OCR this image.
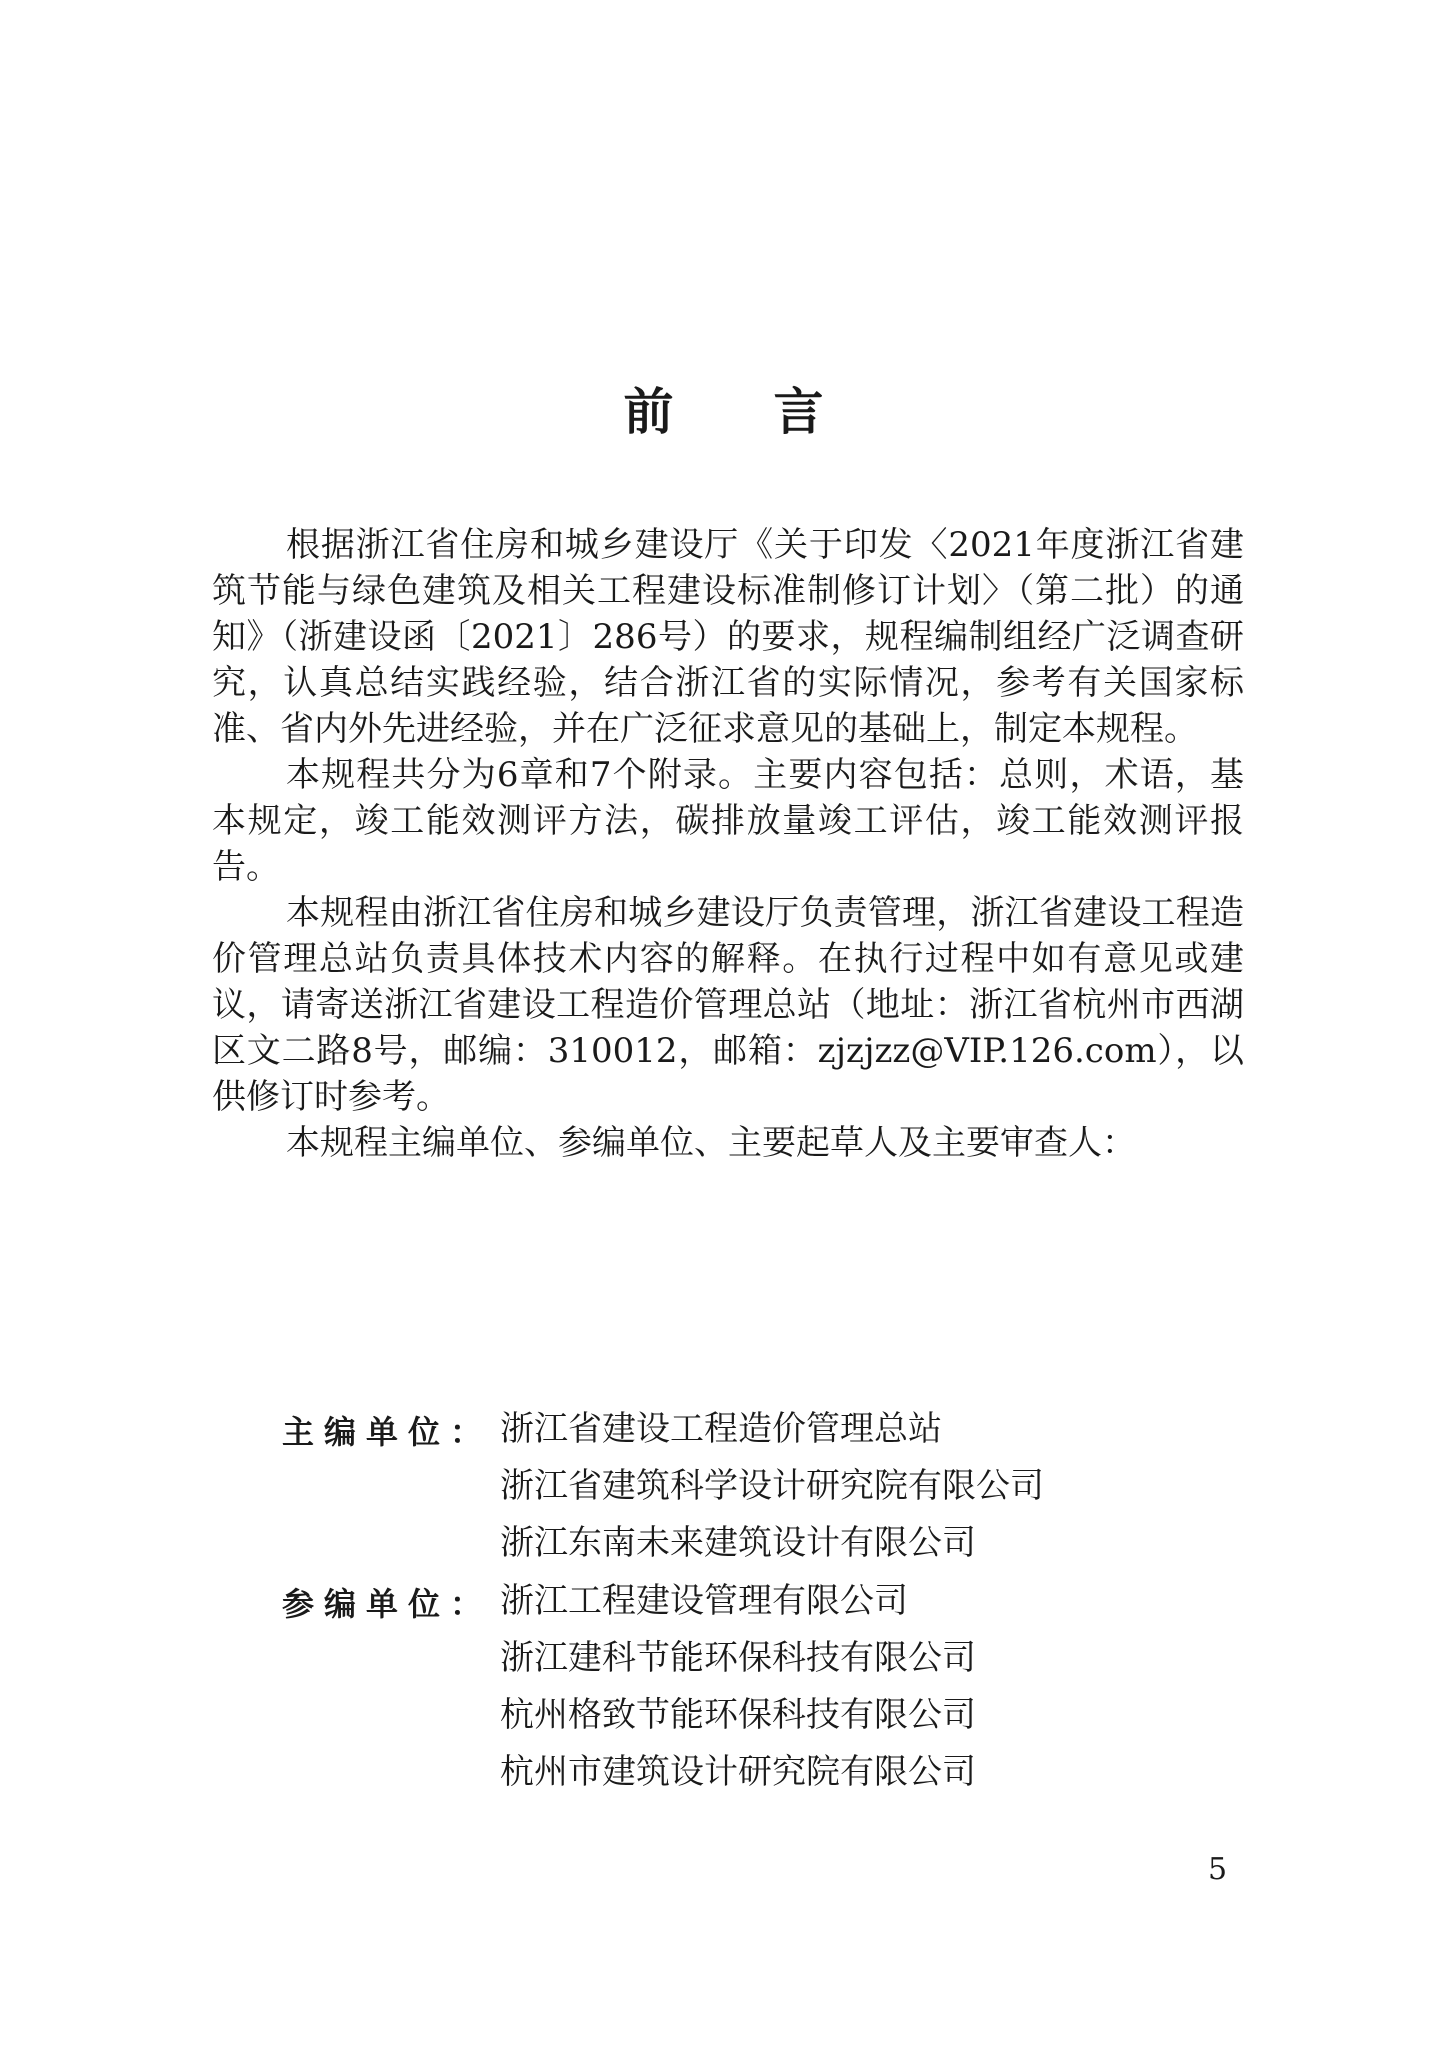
前 言

根据浙江省住房和城乡建设厅《关于印发〈2021年度浙江省建筑节能与绿色建筑及相关工程建设标准制修订计划〉（第二批）的通知》（浙建设函〔2021〕286号）的要求，规程编制组经广泛调查研究，认真总结实践经验，结合浙江省的实际情况，参考有关国家标准、省内外先进经验，并在广泛征求意见的基础上，制定本规程。

本规程共分为6章和7个附录。主要内容包括：总则，术语，基本规定，竣工能效测评方法，碳排放量竣工评估，竣工能效测评报告。

本规程由浙江省住房和城乡建设厅负责管理，浙江省建设工程造价管理总站负责具体技术内容的解释。在执行过程中如有意见或建议，请寄送浙江省建设工程造价管理总站（地址：浙江省杭州市西湖区文二路8号，邮编：310012，邮箱：zjzjzz@VIP.126.com），以供修订时参考。

本规程主编单位、参编单位、主要起草人及主要审查人：

主编单位： 浙江省建设工程造价管理总站
浙江省建筑科学设计研究院有限公司
浙江东南未来建筑设计有限公司
参编单位： 浙江工程建设管理有限公司
浙江建科节能环保科技有限公司
杭州格致节能环保科技有限公司
杭州市建筑设计研究院有限公司
5
